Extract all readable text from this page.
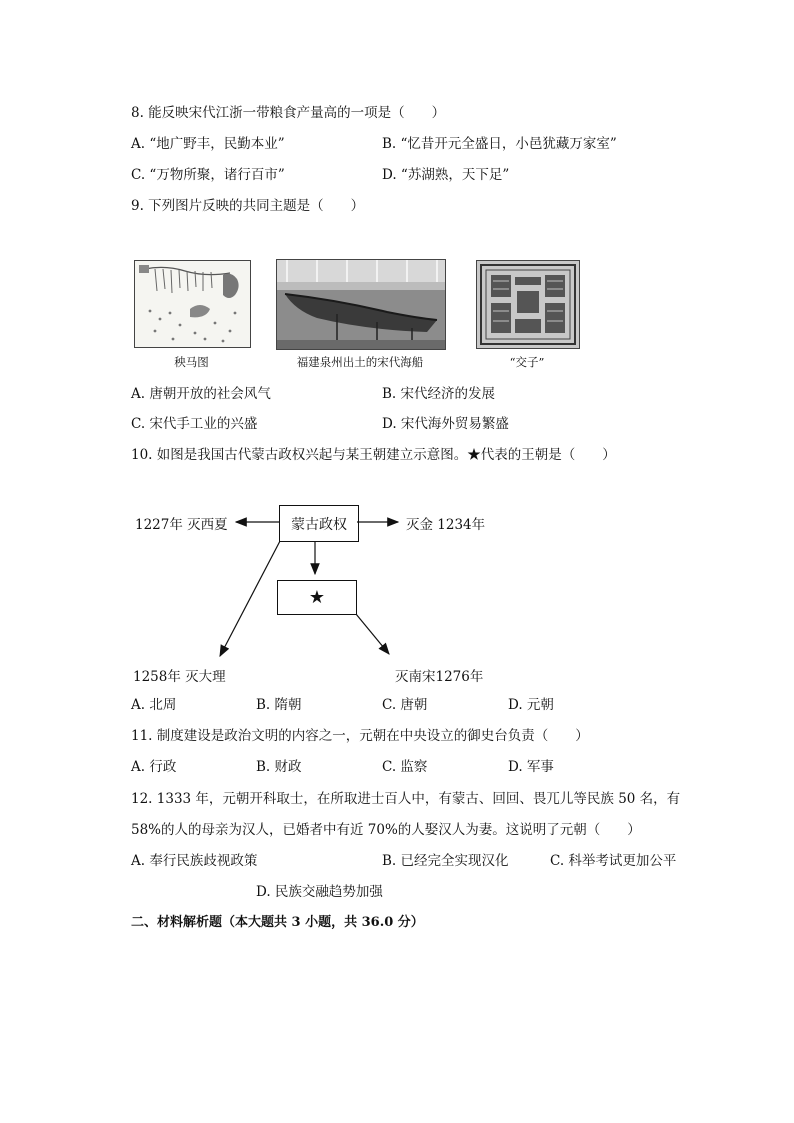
8. 能反映宋代江浙一带粮食产量高的一项是（　　）
A. “地广野丰，民勤本业”	B. “忆昔开元全盛日，小邑犹藏万家室”
C. “万物所聚，诸行百市”	D. “苏湖熟，天下足”
9. 下列图片反映的共同主题是（　　）
秧马图	福建泉州出土的宋代海船	“交子”
A. 唐朝开放的社会风气	B. 宋代经济的发展
C. 宋代手工业的兴盛	D. 宋代海外贸易繁盛
10. 如图是我国古代蒙古政权兴起与某王朝建立示意图。★代表的王朝是（　　）
蒙古政权
★
1227年 灭西夏	灭金 1234年
1258年 灭大理	灭南宋1276年
A. 北周	B. 隋朝	C. 唐朝	D. 元朝
11. 制度建设是政治文明的内容之一，元朝在中央设立的御史台负责（　　）
A. 行政	B. 财政	C. 监察	D. 军事
12. 1333 年，元朝开科取士，在所取进士百人中，有蒙古、回回、畏兀儿等民族 50 名，有
58%的人的母亲为汉人，已婚者中有近 70%的人娶汉人为妻。这说明了元朝（　　）
A. 奉行民族歧视政策	B. 已经完全实现汉化	C. 科举考试更加公平
D. 民族交融趋势加强
二、材料解析题（本大题共 3 小题，共 36.0 分）
